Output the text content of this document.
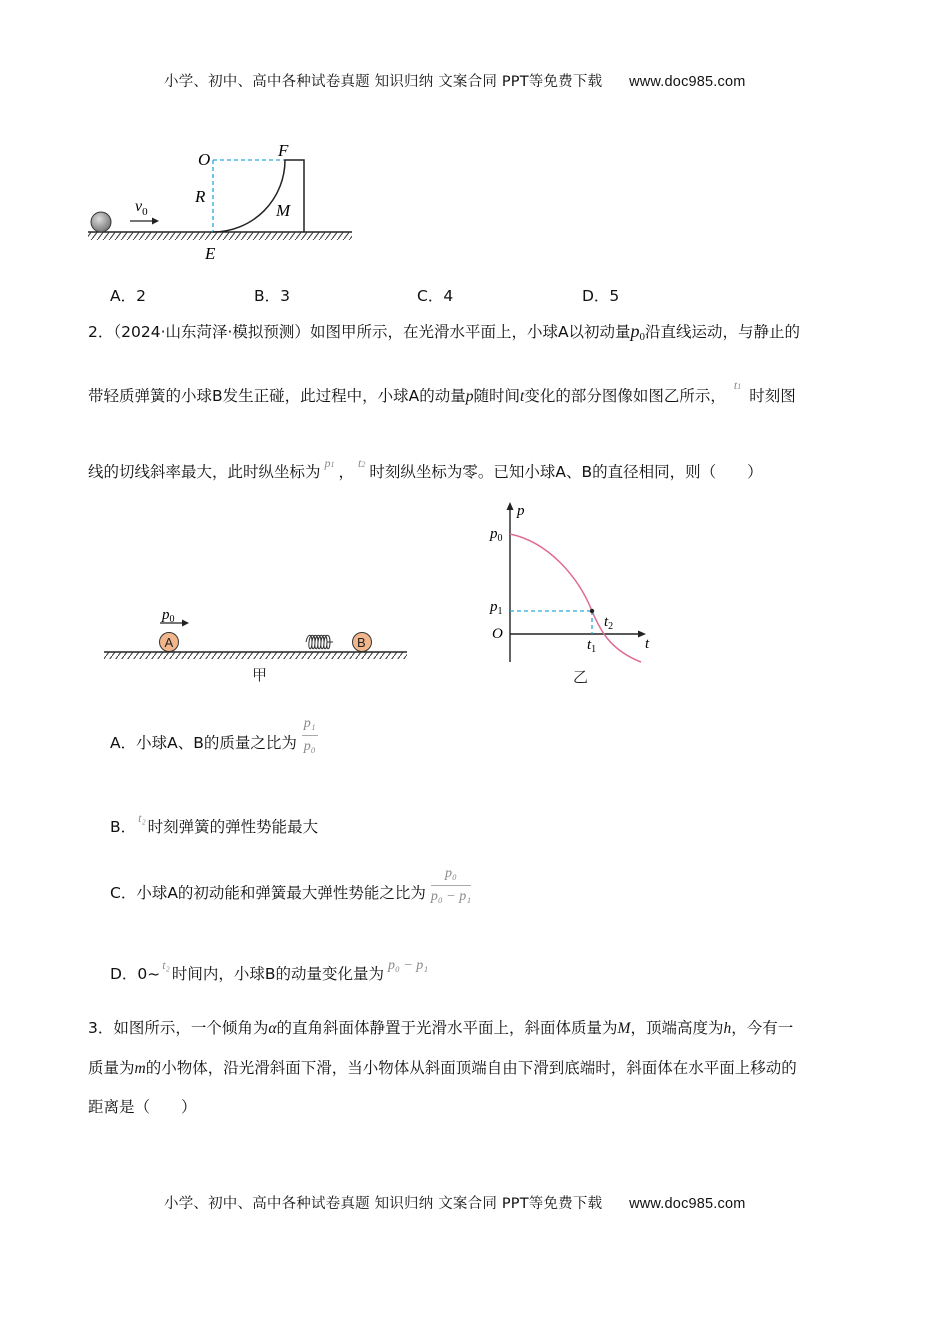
小学、初中、高中各种试卷真题 知识归纳 文案合同 PPT等免费下载 www.doc985.com
O	F
R
M
E
$v_0$
A．2	B．3	C．4	D．5
2．（2024·山东菏泽·模拟预测）如图甲所示，在光滑水平面上，小球A以初动量$p_0$沿直线运动，与静止的
带轻质弹簧的小球B发生正碰，此过程中，小球A的动量p随时间t变化的部分图像如图乙所示，t1时刻图
线的切线斜率最大，此时纵坐标为 p1 ， t2 时刻纵坐标为零。已知小球A、B的直径相同，则（　　）
$p_0$
A	B
甲
p
$p_0$
$p_1$
O
t
$t_1$
$t_2$
乙
A．小球A、B的质量之比为 $\frac{\text{p₁}}{\text{p₀}}$
B． t₂ 时刻弹簧的弹性势能最大
C．小球A的初动能和弹簧最大弹性势能之比为 $\frac{\text{p₀}}{\text{p₀ − p₁}}$
D．0~ t₂ 时间内，小球B的动量变化量为 p₀ − p₁
3．如图所示，一个倾角为α的直角斜面体静置于光滑水平面上，斜面体质量为M，顶端高度为h，今有一
质量为m的小物体，沿光滑斜面下滑，当小物体从斜面顶端自由下滑到底端时，斜面体在水平面上移动的
距离是（　　）
小学、初中、高中各种试卷真题 知识归纳 文案合同 PPT等免费下载 www.doc985.com
